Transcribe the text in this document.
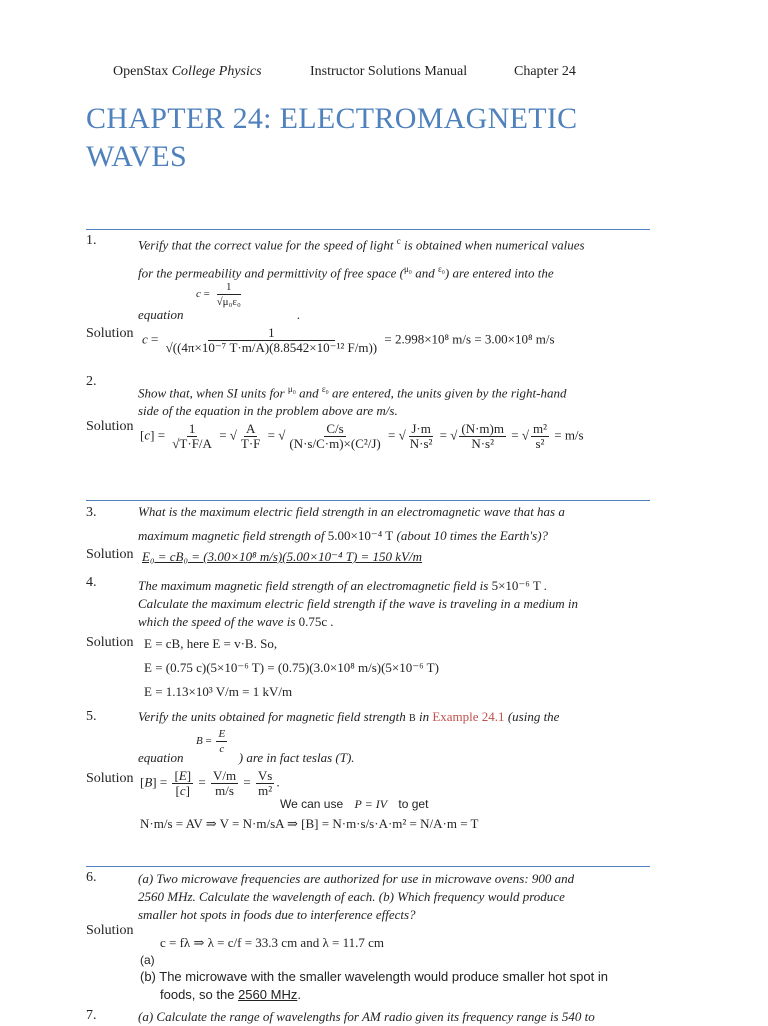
OpenStax College Physics	Instructor Solutions Manual	Chapter 24
CHAPTER 24: ELECTROMAGNETIC
WAVES
1.	Verify that the correct value for the speed of light $^c$ is obtained when numerical values
for the permeability and permittivity of free space ($^{\mu_0}$ and $^{\varepsilon_0}$) are entered into the
$c = \frac{1}{\text{√μ₀ε₀}}$
equation	.
Solution $c = \frac{1}{\text{√((4π×10⁻⁷ T·m/A)(8.8542×10⁻¹² F/m))}} = 2.998\times 10^8$ m/s = 3.00×10⁸ m/s
2.
Show that, when SI units for $^{\mu_0}$ and $^{\varepsilon_0}$ are entered, the units given by the right-hand
side of the equation in the problem above are m/s.
Solution
$[c] = \frac{1}{√T\cdot F/A}$ = √ $\frac{A}{T\cdot F}$ = √ $\frac{C/s}{\text{(N·s/C·m)×(C²/J)}}$ = √ $\frac{J\cdot m}{\text{N·s²}}$ = √ $\frac{(N\cdot m)m}{\text{N·s²}}$ = √ $\frac{\text{m²}}{\text{s²}} = m/s$
3.	What is the maximum electric field strength in an electromagnetic wave that has a
maximum magnetic field strength of 5.00×10⁻⁴ T (about 10 times the Earth's)?
Solution E₀ = cB₀ = (3.00×10⁸ m/s)(5.00×10⁻⁴ T) = 150 kV/m
4.	The maximum magnetic field strength of an electromagnetic field is 5×10⁻⁶ T .
Calculate the maximum electric field strength if the wave is traveling in a medium in
which the speed of the wave is 0.75c .
Solution E = cB, here E = v·B. So,
E = (0.75 c)(5×10⁻⁶ T) = (0.75)(3.0×10⁸ m/s)(5×10⁻⁶ T)
E = 1.13×10³ V/m = 1 kV/m
5.	Verify the units obtained for magnetic field strength B in Example 24.1 (using the
$B = \frac{E}{c}$
equation	) are in fact teslas (T).
Solution $[B] = \frac{[E]}{[c]} = \frac{V/m}{m/s} = \frac{Vs}{\text{m²}}$ .
We can use P = IV to get
N·m/s = AV ⇒ V = N·m/sA ⇒ [B] = N·m·s/s·A·m² = N/A·m = T
6.	(a) Two microwave frequencies are authorized for use in microwave ovens: 900 and
2560 MHz. Calculate the wavelength of each. (b) Which frequency would produce
smaller hot spots in foods due to interference effects?
Solution
(a)
c = fλ ⇒ λ = c/f = 33.3 cm and λ = 11.7 cm
(b) The microwave with the smaller wavelength would produce smaller hot spot in
foods, so the 2560 MHz.
7.	(a) Calculate the range of wavelengths for AM radio given its frequency range is 540 to
